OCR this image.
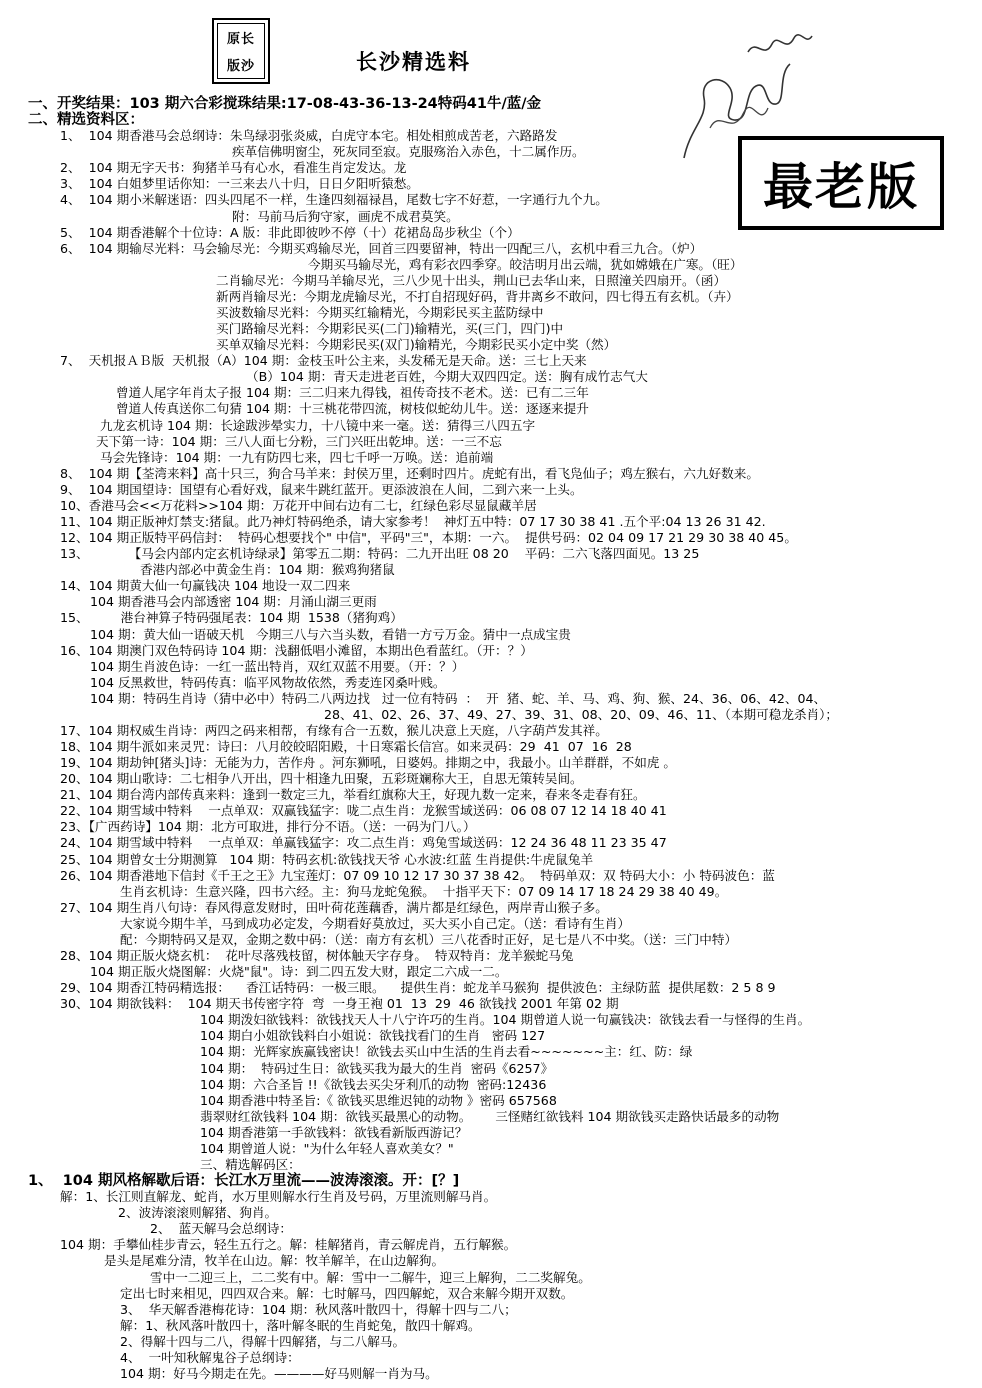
原长
版沙	长沙精选料
最老版
一、开奖结果：103 期六合彩搅珠结果:17-08-43-36-13-24特码41牛/蓝/金
二、精选资料区：
1、  104 期香港马会总纲诗：朱鸟绿羽张炎威，白虎守本宅。相处相煎成苦老，六路路发
疾革信佛明窗尘，死灰同至寂。克服殇治入赤色，十二属作历。
2、  104 期无字天书：狗猪羊马有心水，看准生肖定发达。龙
3、  104 白姐梦里话你知：一三来去八十归，日日夕阳听猿愁。
4、  104 期小米解迷语：四头四尾不一样，生逢四刻福禄昌，尾数七字不好惹，一字通行九个九。
附：马前马后狗守家，画虎不成君莫笑。
5、  104 期香港解个十位诗：A 版：非此即彼吵不停（十）花裙岛岛步秋尘（个）
6、  104 期输尽光料：马会输尽光：今期买鸡输尽光，回首三四要留神，特出一四配三八，玄机中看三九合。（炉）
今期买马输尽光，鸡有彩衣四季穿。皎洁明月出云端，犹如嫦娥在广寒。（旺）
二肖输尽光：今期马羊输尽光，三八少见十出头，荆山已去华山来，日照潼关四扇开。（函）
新两肖输尽光：今期龙虎输尽光，不打自招现好码，背井离乡不敢问，四七得五有玄机。（卉）
买波数输尽光料：今期买红输精光，今期彩民买主蓝防绿中
买门路输尽光料：今期彩民买(二门)输精光，买(三门，四门)中
买单双输尽光料：今期彩民买(双门)输精光，今期彩民买小定中奖（然）
7、  天机报ＡＢ版  天机报（A）104 期：金枝玉叶公主来，头发稀无是天命。送：三七上天来
（B）104 期：青天走进老百姓，今期大双四四定。送：胸有成竹志气大
曾道人尾字年肖太子报 104 期：三二归来九得钱，祖传奇技不老术。送：已有二三年
曾道人传真送你二句猜 104 期：十三桃花带四流，树枝似蛇幼儿牛。送：逐逐来提升
九龙玄机诗 104 期：长途跋涉晕实力，十八镜中来一毫。送：猜得三八四五字
天下第一诗：104 期：三八人面七分粉，三门兴旺出乾坤。送：一三不忘
马会先锋诗：104 期：一九有防四七来，四七千呼一万唤。送：追前端
8、  104 期【荃湾来料】高十只三，狗合马羊来：封侯万里，还剩时四片。虎蛇有出，看飞凫仙子；鸡左猴右，六九好数来。
9、  104 期国望诗：国望有心看好戏，鼠来牛跳红蓝开。更添波浪在人间，二到六来一上头。
10、香港马会<<万花料>>104 期：万花开中间右边有二七，红绿色彩尽显鼠藏羊居
11、104 期正版神灯禁支:猪鼠。此乃神灯特码绝杀，请大家参考！  神灯五中特：07 17 30 38 41 .五个平:04 13 26 31 42.
12、104 期正版特平码信封：  特码心想要找个" 中信"，平码"三"，本期：一六。  提供号码：02 04 09 17 21 29 30 38 40 45。
13、          【马会内部内定玄机诗绿录】第零五二期：特码：二九开出旺 08 20    平码：二六飞落四面见。13 25
香港内部必中黄金生肖：104 期：猴鸡狗猪鼠
14、104 期黄大仙一句赢钱决 104 地设一双二四来
104 期香港马会内部透密 104 期：月涌山湖三更雨
15、        港台神算子特码强尾表：104 期  1538（猪狗鸡）
104 期：黄大仙一语破天机   今期三八与六当头数，看错一方亏万金。猜中一点成宝贵
16、104 期澳门双色特码诗 104 期：浅翻低唱小滩留，本期出色看蓝红。（开：？）
104 期生肖波色诗：一红一蓝出特肖，双红双蓝不用要。（开：？）
104 反黑救世，特码传真：临平风物故依然，秀麦连冈桑叶贱。
104 期：特码生肖诗（猜中必中）特码二八两边找   过一位有特码  ：  开  猪、蛇、羊、马、鸡、狗、猴、24、36、06、42、04、
28、41、02、26、37、49、27、39、31、08、20、09、46、11、（本期可稳龙杀肖）；
17、104 期权威生肖诗：两四之码来相帮，有缘有合一五数，猴儿决意上天庭，八字葫芦发其祥。
18、104 期牛派如来灵咒：诗曰：八月皎皎昭阳殿，十日寒霜长信宫。如来灵码：29  41  07  16  28
19、104 期劫钟[猪头]诗：无能为力，苦作舟 。河东狮吼，日婆妈。排期之中，我最小。山羊群群，不如虎 。
20、104 期山歌诗：二七相争八开出，四十相逢九田聚，五彩斑斓称大王，自思无策转吴间。
21、104 期台湾内部传真来料：逢到一数定三九，举看红旗称大王，好现九数一定来，春来冬走春有狂。
22、104 期雪域中特料    一点单双：双赢钱猛字：咙二点生肖：龙猴雪域送码：06 08 07 12 14 18 40 41
23、【广西药诗】104 期：北方可取进，排行分不语。（送：一码为门八。）
24、104 期雪域中特料    一点单双：单赢钱猛字：攻二点生肖：鸡兔雪域送码：12 24 36 48 11 23 35 47
25、104 期曾女士分期测算   104 期：特码玄机:欲钱找天爷 心水波:红蓝 生肖提供:牛虎鼠兔羊
26、104 期香港地下信封《千王之王》九宝莲灯：07 09 10 12 17 30 37 38 42。  特码单双：双 特码大小：小 特码波色：蓝
生肖玄机诗：生意兴隆，四书六经。主：狗马龙蛇兔猴。  十指平天下：07 09 14 17 18 24 29 38 40 49。
27、104 期生肖八句诗：春风得意发财时，田叶荷花莲藕香，满片都是红绿色，两岸青山猴子多。
大家说今期牛羊，马到成功必定发，今期看好莫放过，买大买小自己定。（送：看诗有生肖）
配：今期特码又是双，金期之数中码：（送：南方有玄机）三八花香时正好，足七是八不中奖。（送：三门中特）
28、104 期正版火烧玄机：  花叶尽落残枝留，树体触天字存身。  特双特肖：龙羊猴蛇马兔
104 期正版火烧图解：火烧"鼠"。诗：到二四五发大财，跟定二六成一二。
29、104 期香江特码精选报：    香江话特码：一极三眼。    提供生肖：蛇龙羊马猴狗  提供波色：主绿防蓝  提供尾数：2 5 8 9
30、104 期欲钱料：  104 期天书传密字符  弯  一身王袍 01  13  29  46 欲钱找 2001 年第 02 期
104 期泼妇欲钱料：欲钱找天人十八宁许巧的生肖。104 期曾道人说一句赢钱决：欲钱去看一与怪得的生肖。
104 期白小姐欲钱料白小姐说：欲钱找看门的生肖   密码 127
104 期：光辉家族赢钱密诀！欲钱去买山中生活的生肖去看~~~~~~~主：红、防：绿
104 期：  特码过生日：欲钱买我为最大的生肖  密码《6257》
104 期：六合圣旨 !!《欲钱去买尖牙利爪的动物  密码:12436
104 期香港中特圣旨:《 欲钱买思维迟钝的动物 》密码 657568
翡翠财红欲钱料 104 期：欲钱买最黑心的动物。      三怪赌红欲钱料 104 期欲钱买走路快话最多的动物
104 期香港第一手欲钱料：欲钱看新版西游记？
104 期曾道人说："为什么年轻人喜欢美女？"
三、精选解码区：
1、  104 期风格解歇后语：长江水万里流——波涛滚滚。开：[？]
解：1、长江则直解龙、蛇肖，水万里则解水行生肖及号码，万里流则解马肖。
2、波涛滚滚则解猪、狗肖。
2、  蓝天解马会总纲诗：
104 期：手攀仙桂步青云，轻生五行之。解：桂解猪肖，青云解虎肖，五行解猴。
是头是尾难分清，牧羊在山边。解：牧羊解羊，在山边解狗。
雪中一二迎三上，二二奖有中。解：雪中一二解牛，迎三上解狗，二二奖解兔。
定出七时来相见，四四双合来。解：七时解马，四四解蛇，双合来解今期开双数。
3、  华天解香港梅花诗：104 期：秋风落叶散四十，得解十四与二八；
解：1、秋风落叶散四十，落叶解冬眠的生肖蛇兔，散四十解鸡。
2、得解十四与二八，得解十四解猪，与二八解马。
4、  一叶知秋解鬼谷子总纲诗：
104 期：好马今期走在先。————好马则解一肖为马。
